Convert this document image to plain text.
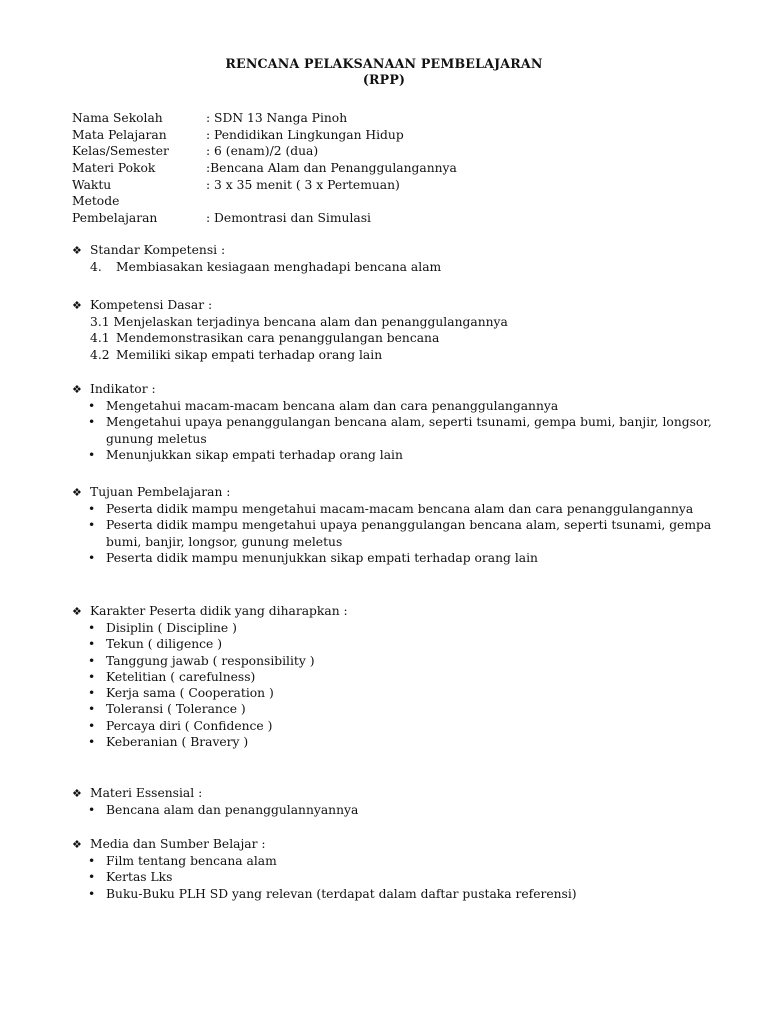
RENCANA PELAKSANAAN PEMBELAJARAN
(RPP)
Nama Sekolah	: SDN 13 Nanga Pinoh
Mata Pelajaran	: Pendidikan Lingkungan Hidup
Kelas/Semester	: 6 (enam)/2 (dua)
Materi Pokok	:Bencana Alam dan Penanggulangannya
Waktu	: 3 x 35 menit ( 3 x Pertemuan)
Metode
Pembelajaran	: Demontrasi dan Simulasi
❖ Standar Kompetensi :
4. Membiasakan kesiagaan menghadapi bencana alam
❖ Kompetensi Dasar :
3.1 Menjelaskan terjadinya bencana alam dan penanggulangannya
4.1 Mendemonstrasikan cara penanggulangan bencana
4.2 Memiliki sikap empati terhadap orang lain
❖ Indikator :
• Mengetahui macam-macam bencana alam dan cara penanggulangannya
• Mengetahui upaya penanggulangan bencana alam, seperti tsunami, gempa bumi, banjir, longsor, gunung meletus
• Menunjukkan sikap empati terhadap orang lain
❖ Tujuan Pembelajaran :
• Peserta didik mampu mengetahui macam-macam bencana alam dan cara penanggulangannya
• Peserta didik mampu mengetahui upaya penanggulangan bencana alam, seperti tsunami, gempa bumi, banjir, longsor, gunung meletus
• Peserta didik mampu menunjukkan sikap empati terhadap orang lain
❖ Karakter Peserta didik yang diharapkan :
• Disiplin ( Discipline )
• Tekun ( diligence )
• Tanggung jawab ( responsibility )
• Ketelitian ( carefulness)
• Kerja sama ( Cooperation )
• Toleransi ( Tolerance )
• Percaya diri ( Confidence )
• Keberanian ( Bravery )
❖ Materi Essensial :
• Bencana alam dan penanggulannyannya
❖ Media dan Sumber Belajar :
• Film tentang bencana alam
• Kertas Lks
• Buku-Buku PLH SD yang relevan (terdapat dalam daftar pustaka referensi)
